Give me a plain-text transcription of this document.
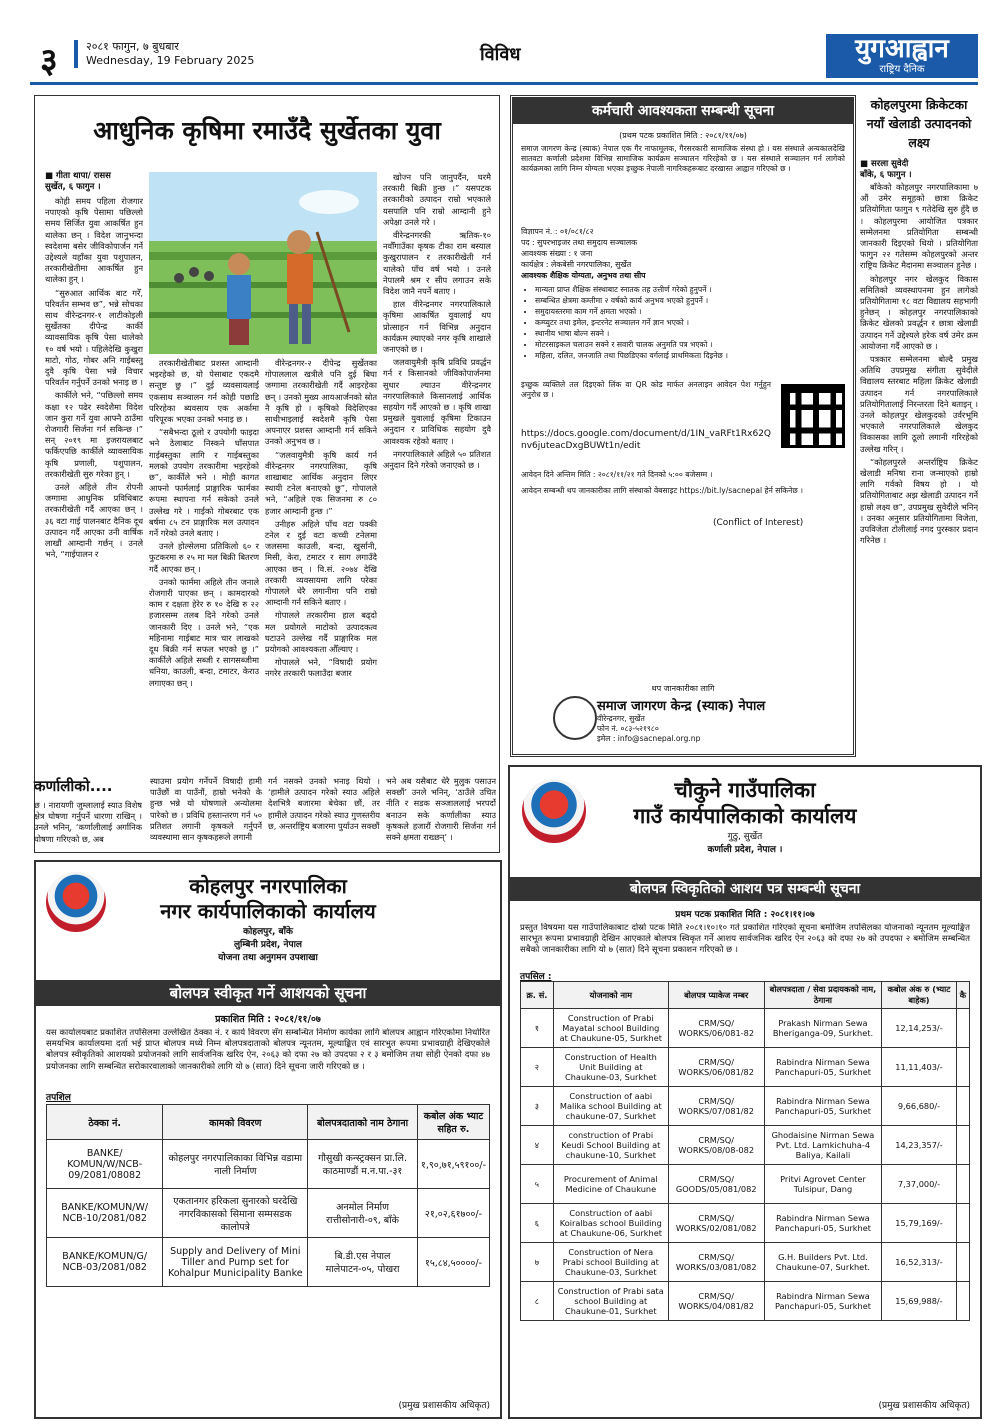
३	२०८१ फागुन, ७ बुधबार
Wednesday, 19 February 2025	विविध	युगआह्वान
राष्ट्रिय दैनिक
आधुनिक कृषिमा रमाउँदै सुर्खेतका युवा
■ गीता थापा/ रासस
सुर्खेत, ६ फागुन ।

कोही समय पहिला रोजगार नपाएको कृषि पेसामा पछिल्लो समय सिर्जित युवा आकर्षित हुन थालेका छन् । विदेश जानुभन्दा स्वदेशमा बसेर जीविकोपार्जन गर्ने उद्देश्यले यहाँका युवा पशुपालन, तरकारीखेतीमा आकर्षित हुन थालेका हुन् ।

“सुरुआत आर्थिक बाट गरेँ, परिवर्तन सम्भव छ”, भन्ने सोचका साथ वीरेन्द्रनगर-१ लाटीकोइली सुर्खेतका दीपेन्द्र कार्की व्यावसायिक कृषि पेसा थालेको १० वर्ष भयो । पहिलेदेखि कुखुरा माटो, गोठ, गोबर अनि गाईबस्तु दुवै कृषि पेसा भन्ने विचार परिवर्तन गर्नुपर्ने उनको भनाइ छ ।

कार्कीले भने, “पछिल्लो समय कक्षा १२ पढेर स्वदेशैमा विदेश जान कुरा गर्ने युवा आफ्नै ठाउँमा रोजगारी सिर्जना गर्न सकिन्छ ।” सन् २०१९ मा इजरायलबाट फर्किएपछि कार्कीले व्यावसायिक कृषि प्रणाली, पशुपालन, तरकारीखेती सुरु गरेका हुन् ।

उनले अहिले तीन रोपनी जग्गामा आधुनिक प्रविधिबाट तरकारीखेती गर्दै आएका छन् । ३६ वटा गाई पालनबाट दैनिक दूध उत्पादन गर्दै आएका उनी वार्षिक लाखौं आम्दानी गर्छन् । उनले भने, “गाईपालन र

तरकारीखेतीबाट प्रशस्त आम्दानी भइरहेको छ, यो पेसाबाट एकदमै सन्तुष्ट छु ।” दुई व्यवसायलाई एकसाथ सञ्चालन गर्न कोही पछाडि परिरहेका ब्यवसाय एक अर्कामा परिपूरक भएका उनको भनाइ छ ।

“सबैभन्दा ठूलो र उपयोगी फाइदा भने ठेलाबाट निस्कने घाँसपात गाईबस्तुका लागि र गाईबस्तुका मलको उपयोग तरकारीमा भइरहेको छ”, कार्कीले भने । मोही कागत आफ्नो फार्मलाई प्राङ्गारिक फार्मका रूपमा स्थापना गर्न सकेको उनले उल्लेख गरे । गाईको गोबरबाट एक बर्षमा ८५ टन प्राङ्गारिक मल उत्पादन गर्ने गरेको उनले बताए ।

उनले होल्सेलमा प्रतिकिलो ६० र फुटकरमा रु २५ मा मल बिक्री बितरण गर्दै आएका छन् ।

उनको फार्ममा अहिले तीन जनाले रोजगारी पाएका छन् । कामदारको काम र दक्षता हेरेर रु १० देखि रु २२ हजारसम्म तलब दिने गरेको उनले जानकारी दिए । उनले भने, “एक महिनामा गाईबाट मात्र चार लाखको दूध बिक्री गर्न सफल भएको छु ।” कार्कीले अहिले सब्जी र सागसब्जीमा धनिया, काउली, बन्दा, टमाटर, केराउ लगाएका छन् ।

वीरेन्द्रनगर-२ दीपेन्द्र सुर्खेतका गोपाललाल खत्रीले पनि दुई बिघा जग्गामा तरकारीखेती गर्दै आइरहेका छन् । उनको मुख्य आयआर्जनको स्रोत नै कृषि हो । कृषिको विदेशिएका साथीभाइलाई स्वदेशमै कृषि पेसा अपनाएर प्रशस्त आम्दानी गर्न सकिने उनको अनुभव छ ।

“जलवायुमैत्री कृषि कार्य गर्न वीरेन्द्रनगर नगरपालिका, कृषि शाखाबाट आर्थिक अनुदान लिएर स्थायी टनेल बनाएको छु”, गोपालले भने, “अहिले एक सिजनमा रु ८० हजार आम्दानी हुन्छ ।”

उनीहरु अहिले पाँच वटा पक्की टनेल र दुई वटा कच्ची टनेलमा जलसमा काउली, बन्दा, खुर्सानी, मिसी, केरा, टमाटर र साग लगाउँदै आएका छन् । वि.सं. २०७४ देखि तरकारी व्यवसायमा लागि परेका गोपालले धेरै लगानीमा पनि राम्रो आम्दानी गर्न सकिने बताए ।

गोपालले तरकारीमा हाल बढ्दो मल प्रयोगले माटोको उत्पादकत्व घटाउने उल्लेख गर्दै प्राङ्गारिक मल प्रयोगको आवश्यकता औँल्याए ।

गोपालले भने, “विषादी प्रयोग नगरेर तरकारी फलाउँदा बजार

खोज्न पनि जानुपर्दैन, घरमै तरकारी बिक्री हुन्छ ।” यसपटक तरकारीको उत्पादन राम्रो भएकाले यसपालि पनि राम्रो आम्दानी हुने अपेक्षा उनले गरे ।

वीरेन्द्रनगरकी ऋतिक-१० नवौँगाउँका कृषक टीका राम बस्याल कुखुरापालन र तरकारीखेती गर्न थालेको पाँच वर्ष भयो । उनले नेपालमै श्रम र सीप लगाउन सके विदेश जानै नपर्ने बताए ।

हाल वीरेन्द्रनगर नगरपालिकाले कृषिमा आकर्षित युवालाई थप प्रोत्साहन गर्न विभिन्न अनुदान कार्यक्रम ल्याएको नगर कृषि शाखाले जनाएको छ ।

जलवायुमैत्री कृषि प्रविधि प्रवर्द्धन गर्न र किसानको जीविकोपार्जनमा सुधार ल्याउन वीरेन्द्रनगर नगरपालिकाले किसानलाई आर्थिक सहयोग गर्दै आएको छ । कृषि शाखा प्रमुखले युवालाई कृषिमा टिकाउन अनुदान र प्राविधिक सहयोग दुवै आवश्यक रहेको बताए ।

नगरपालिकाले अहिले ५० प्रतिशत अनुदान दिने गरेको जनाएको छ ।

कर्णालीको....
छ । नारायणी जुम्लालाई स्याउ विशेष क्षेत्र घोषणा गर्नुपर्ने धारणा राखिन् । उनले भनिन्, ‘कर्णालीलाई अर्गानिक घोषणा गरिएको छ, अब
स्याउमा प्रयोग गर्नेपर्ने विषादी हामी पाउँछौं वा पाउँनौं, हाम्रो भनेको के हुन्छ भन्ने यो घोषणाले अन्योलमा पारेको छ । प्रविधि हस्तान्तरण गर्न ५० प्रतिशत लगानी कृषकले गर्नुपर्ने व्यवस्थामा सान कृषकहरूले लगानी
गर्न नसक्ने उनको भनाइ थियो । ‘हामीले उत्पादन गरेको स्याउ अहिले देशभित्रै बजारमा बेचेका छौं, तर हामीले उत्पादन गरेको स्याउ गुणस्तरीय छ, अन्तर्राष्ट्रिय बजारमा पुर्याउन सक्छौं
भने अब यसैबाट धेरै मुलुक पसाउन सक्छौं’ उनले भनिन्, ‘ठाउँले उचित नीति र सडक सञ्जाललाई भरपर्दो बनाउन सके कर्णालीका स्याउ कृषकले हजारौं रोजगारी सिर्जना गर्न सक्ने क्षमता राख्छन्’ ।
कर्मचारी आवश्यकता सम्बन्धी सूचना
(प्रथम पटक प्रकाशित मिति : २०८१/११/०७)
समाज जागरण केन्द्र (स्याक) नेपाल एक गैर नाफामूलक, गैरसरकारी सामाजिक संस्था हो । यस संस्थाले अन्यकालदेखि सातवटा कर्णाली प्रदेशमा विभिन्न सामाजिक कार्यक्रम सञ्चालन गरिरहेको छ । यस संस्थाले सञ्चालन गर्न लागेको कार्यक्रमका लागि निम्न योग्यता भएका इच्छुक नेपाली नागरिकहरूबाट दरखास्त आह्वान गरिएको छ ।
विज्ञापन नं. : ०१/०८१/८२
पद : सुपरभाइजर तथा समुदाय सञ्चालक
आवश्यक संख्या : १ जना
कार्यक्षेत्र : लेकबेसी नगरपालिका, सुर्खेत
आवश्यक शैक्षिक योग्यता, अनुभव तथा सीप
• मान्यता प्राप्त शैक्षिक संस्थाबाट स्नातक तह उत्तीर्ण गरेको हुनुपर्ने ।
• सम्बन्धित क्षेत्रमा कम्तीमा २ वर्षको कार्य अनुभव भएको हुनुपर्ने ।
• समुदायस्तरमा काम गर्ने क्षमता भएको ।
• कम्प्युटर तथा इमेल, इन्टरनेट सञ्चालन गर्ने ज्ञान भएको ।
• स्थानीय भाषा बोल्न सक्ने ।
• मोटरसाइकल चलाउन सक्ने र सवारी चालक अनुमति पत्र भएको ।
• महिला, दलित, जनजाति तथा पिछडिएका वर्गलाई प्राथमिकता दिइनेछ ।
इच्छुक व्यक्तिले तल दिइएको लिंक वा QR कोड मार्फत अनलाइन आवेदन पेश गर्नुहुन अनुरोध छ ।
https://docs.google.com/document/d/1IN_vaRFt1Rx62Q nv6juteacDxgBUWt1n/edit
आवेदन दिने अन्तिम मिति : २०८१/११/२१ गते दिनको ५:०० बजेसम्म ।
आवेदन सम्बन्धी थप जानकारीका लागि संस्थाको वेबसाइट https://bit.ly/sacnepal हेर्न सकिनेछ ।
(Conflict of Interest)
थप जानकारीका लागि
समाज जागरण केन्द्र (स्याक) नेपाल
वीरेन्द्रनगर, सुर्खेत
फोन नं. ०८३-५२१९८०
इमेल : info@sacnepal.org.np
कोहलपुरमा क्रिकेटका नयाँ खेलाडी उत्पादनको लक्ष्य
■ सरला सुवेदी
बाँके, ६ फागुन ।

बाँकेको कोहलपुर नगरपालिकामा ७ औं उमेर समूहको छात्रा क्रिकेट प्रतियोगिता फागुन ९ गतेदेखि सुरु हुँदै छ । कोहलपुरमा आयोजित पत्रकार सम्मेलनमा प्रतियोगिता सम्बन्धी जानकारी दिइएको थियो । प्रतियोगिता फागुन २२ गतेसम्म कोहलपुरको अन्तर राष्ट्रिय क्रिकेट मैदानमा सञ्चालन हुनेछ ।

कोहलपुर नगर खेलकुद विकास समितिको व्यवस्थापनमा हुन लागेको प्रतियोगितामा १८ वटा विद्यालय सहभागी हुनेछन् । कोहलपुर नगरपालिकाको क्रिकेट खेलको प्रवर्द्धन र छात्रा खेलाडी उत्पादन गर्ने उद्देश्यले हरेक वर्ष उमेर क्रम आयोजना गर्दै आएको छ ।

पत्रकार सम्मेलनमा बोल्दै प्रमुख अतिथि उपप्रमुख संगीता सुवेदीले विद्यालय स्तरबाट महिला क्रिकेट खेलाडी उत्पादन गर्न नगरपालिकाले प्रतियोगितालाई निरन्तरता दिने बताइन् । उनले कोहलपुर खेलकुदको उर्वरभूमि भएकाले नगरपालिकाले खेलकुद विकासका लागि ठूलो लगानी गरिरहेको उल्लेख गरिन् ।

“कोहलपुरले अन्तर्राष्ट्रिय क्रिकेट खेलाडी मनिषा राना जन्माएको हाम्रो लागि गर्वको विषय हो । यो प्रतियोगिताबाट अझ खेलाडी उत्पादन गर्ने हाम्रो लक्ष्य छ”, उपप्रमुख सुवेदीले भनिन् । उनका अनुसार प्रतियोगितामा विजेता, उपविजेता टोलीलाई नगद पुरस्कार प्रदान गरिनेछ ।

चौकुने गाउँपालिका
गाउँ कार्यपालिकाको कार्यालय
गुठु, सुर्खेत
कर्णाली प्रदेश, नेपाल ।
बोलपत्र स्विकृतिको आशय पत्र सम्बन्धी सूचना
प्रथम पटक प्रकाशित मिति : २०८१।११।०७
प्रस्तुत विषयमा यस गाउँपालिकाबाट दोस्रो पटक मिति २०८१।१०।१० गते प्रकाशित गरिएको सूचना बमोजिम तपसिलका योजनाको न्यूनतम मूल्याङ्कित सारभूत रूपमा प्रभावग्राही देखिन आएकाले बोलपत्र स्विकृत गर्ने आशय सार्वजनिक खरिद ऐन २०६३ को दफा २७ को उपदफा २ बमोजिम सम्बन्धित सबैको जानकारीका लागि यो ७ (सात) दिने सूचना प्रकाशन गरिएको छ ।
तपसिल :
क्र. सं.	योजनाको नाम	बोलपत्र प्याकेज नम्बर	बोलपत्रदाता / सेवा प्रदायकको नाम, ठेगाना	कबोल अंक रु (भ्याट बाहेक)	कै
१	Construction of Prabi Mayatal school Building at Chaukune-05, Surkhet	CRM/SQ/ WORKS/06/081-82	Prakash Nirman Sewa Bheriganga-09, Surkhet.	12,14,253/-	
२	Construction of Health Unit Building at Chaukune-03, Surkhet	CRM/SQ/ WORKS/06/081/82	Rabindra Nirman Sewa Panchapuri-05, Surkhet	11,11,403/-	
३	Construction of aabi Malika school Building at chaukune-07, Surkhet	CRM/SQ/ WORKS/07/081/82	Rabindra Nirman Sewa Panchapuri-05, Surkhet	9,66,680/-	
४	construction of Prabi Keudi School Building at chaukune-10, Surkhet	CRM/SQ/ WORKS/08/08-082	Ghodaisine Nirman Sewa Pvt. Ltd. Lamkichuha-4 Baliya, Kailali	14,23,357/-	
५	Procurement of Animal Medicine of Chaukune	CRM/SQ/ GOODS/05/081/082	Pritvi Agrovet Center Tulsipur, Dang	7,37,000/-	
६	Construction of aabi Koiralbas school Building at Chaukune-06, Surkhet	CRM/SQ/ WORKS/02/081/082	Rabindra Nirman Sewa Panchapuri-05, Surkhet	15,79,169/-	
७	Construction of Nera Prabi school Building at Chaukune-03, Surkhet	CRM/SQ/ WORKS/03/081/082	G.H. Builders Pvt. Ltd. Chaukune-07, Surkhet.	16,52,313/-	
८	Construction of Prabi sata school Building at Chaukune-01, Surkhet	CRM/SQ/ WORKS/04/081/82	Rabindra Nirman Sewa Panchapuri-05, Surkhet	15,69,988/-	
(प्रमुख प्रशासकीय अधिकृत)
कोहलपुर नगरपालिका
नगर कार्यपालिकाको कार्यालय
कोहलपुर, बाँके
लुम्बिनी प्रदेश, नेपाल
योजना तथा अनुगमन उपशाखा
बोलपत्र स्वीकृत गर्ने आशयको सूचना
प्रकाशित मिति : २०८१/११/०७
यस कार्यालयबाट प्रकाशित तपसिलमा उल्लेखित ठेक्का नं. र कार्य विवरण सँग सम्बन्धित निर्माण कार्यका लागि बोलपत्र आह्वान गरिएकोमा निर्धारित समयभित्र कार्यालयमा दर्ता भई प्राप्त बोलपत्र मध्ये निम्न बोलपत्रदाताको बोलपत्र न्यूनतम, मूल्याङ्कित एवं सारभुत रूपमा प्रभावग्राही देखिएकोले बोलपत्र स्वीकृतिको आशयको प्रयोजनको लागि सार्वजनिक खरिद ऐन, २०६३ को दफा २७ को उपदफा २ र ३ बमोजिम तथा सोही ऐनको दफा ४७ प्रयोजनका लागि सम्बन्धित सरोकारवालाको जानकारीको लागि यो ७ (सात) दिने सूचना जारी गरिएको छ ।
तपशिल
ठेक्का नं.	कामको विवरण	बोलपत्रदाताको नाम ठेगाना	कबोल अंक भ्याट सहित रु.
BANKE/ KOMUN/W/NCB- 09/2081/08082	कोहलपुर नगरपालिकाका विभिन्न वडामा नाली निर्माण	गौसुखी कन्स्ट्रक्सन प्रा.लि. काठमाण्डौं म.न.पा.-३१	१,९०,७१,५९१००/-
BANKE/KOMUN/W/ NCB-10/2081/082	एकतानगर हरिकला सुनारको घरदेखि नगरविकासको सिमाना सम्मसडक कालोपत्रे	अनमोल निर्माण रात्तीसोनारी-०९, बाँके	२१,०२,६१७००/-
BANKE/KOMUN/G/ NCB-03/2081/082	Supply and Delivery of Mini Tiller and Pump set for Kohalpur Municipality Banke	बि.डी.एस नेपाल मालेपाटन-०५, पोखरा	१५,८४,५००००/-
(प्रमुख प्रशासकीय अधिकृत)
